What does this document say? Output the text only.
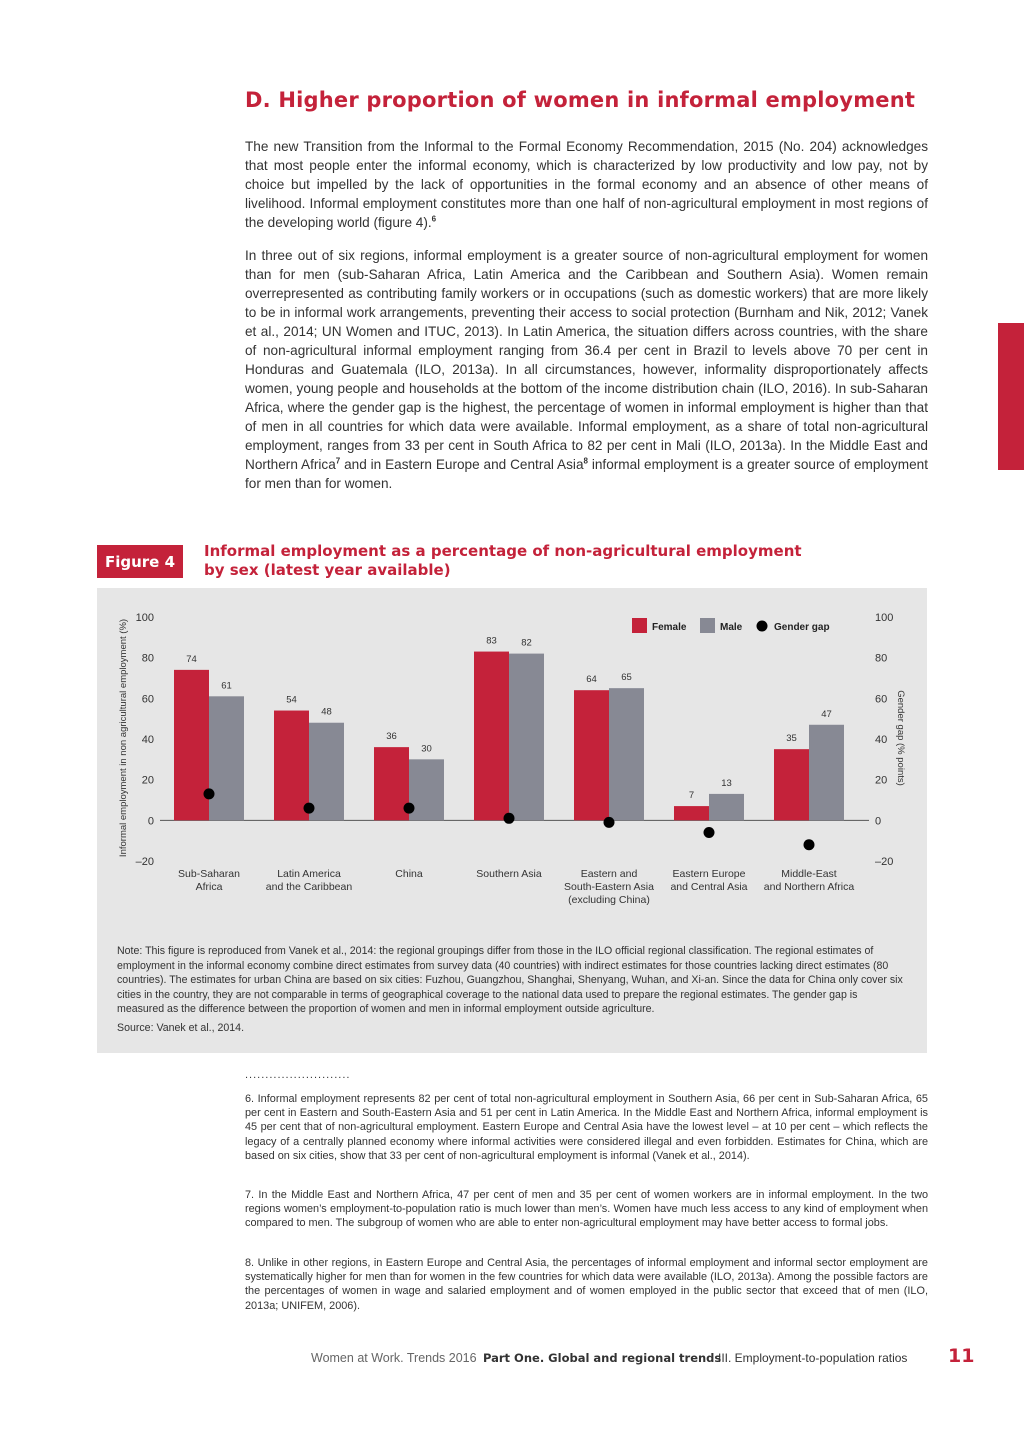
D. Higher proportion of women in informal employment

The new Transition from the Informal to the Formal Economy Recommendation, 2015 (No. 204) acknowledges that most people enter the informal economy, which is characterized by low productivity and low pay, not by choice but impelled by the lack of opportunities in the formal economy and an absence of other means of livelihood. Informal employment constitutes more than one half of non-agricultural employment in most regions of the developing world (figure 4).$^6$

In three out of six regions, informal employment is a greater source of non-agricultural employment for women than for men (sub-Saharan Africa, Latin America and the Caribbean and Southern Asia). Women remain overrepresented as contributing family workers or in occupations (such as domestic workers) that are more likely to be in informal work arrangements, preventing their access to social protection (Burnham and Nik, 2012; Vanek et al., 2014; UN Women and ITUC, 2013). In Latin America, the situation differs across countries, with the share of non-agricultural informal employment ranging from 36.4 per cent in Brazil to levels above 70 per cent in Honduras and Guatemala (ILO, 2013a). In all circumstances, however, informality disproportionately affects women, young people and households at the bottom of the income distribution chain (ILO, 2016). In sub-Saharan Africa, where the gender gap is the highest, the percentage of women in informal employment is higher than that of men in all countries for which data were available. Informal employment, as a share of total non-agricultural employment, ranges from 33 per cent in South Africa to 82 per cent in Mali (ILO, 2013a). In the Middle East and Northern Africa$^7$ and in Eastern Europe and Central Asia$^8$ informal employment is a greater source of employment for men than for women.

Figure 4
Informal employment as a percentage of non-agricultural employment by sex (latest year available)
–20	–20
0	0
20	20
40	40
60	60
80	80
100	100
Informal employment in non agricultural employment (%)	Gender gap (% points)
74
61
Sub-Saharan
Africa
54
48
Latin America
and the Caribbean
36
30
China
83	82
Southern Asia
64	65
Eastern and
South-Eastern Asia
(excluding China)
7
13
Eastern Europe
and Central Asia
35
47
Middle-East
and Northern Africa
Female	Male	Gender gap

Note: This figure is reproduced from Vanek et al., 2014: the regional groupings differ from those in the ILO official regional classification. The regional estimates of employment in the informal economy combine direct estimates from survey data (40 countries) with indirect estimates for those countries lacking direct estimates (80 countries). The estimates for urban China are based on six cities: Fuzhou, Guangzhou, Shanghai, Shenyang, Wuhan, and Xi-an. Since the data for China only cover six cities in the country, they are not comparable in terms of geographical coverage to the national data used to prepare the regional estimates. The gender gap is measured as the difference between the proportion of women and men in informal employment outside agriculture.

Source: Vanek et al., 2014.
..........................

6. Informal employment represents 82 per cent of total non-agricultural employment in Southern Asia, 66 per cent in Sub-Saharan Africa, 65 per cent in Eastern and South-Eastern Asia and 51 per cent in Latin America. In the Middle East and Northern Africa, informal employment is 45 per cent that of non-agricultural employment. Eastern Europe and Central Asia have the lowest level – at 10 per cent – which reflects the legacy of a centrally planned economy where informal activities were considered illegal and even forbidden. Estimates for China, which are based on six cities, show that 33 per cent of non-agricultural employment is informal (Vanek et al., 2014).

7. In the Middle East and Northern Africa, 47 per cent of men and 35 per cent of women workers are in informal employment. In the two regions women’s employment-to-population ratio is much lower than men’s. Women have much less access to any kind of employment when compared to men. The subgroup of women who are able to enter non-agricultural employment may have better access to formal jobs.

8. Unlike in other regions, in Eastern Europe and Central Asia, the percentages of informal employment and informal sector employment are systematically higher for men than for women in the few countries for which data were available (ILO, 2013a). Among the possible factors are the percentages of women in wage and salaried employment and of women employed in the public sector that exceed that of men (ILO, 2013a; UNIFEM, 2006).

Women at Work. Trends 2016 Part One. Global and regional trends
III. Employment-to-population ratios 11
